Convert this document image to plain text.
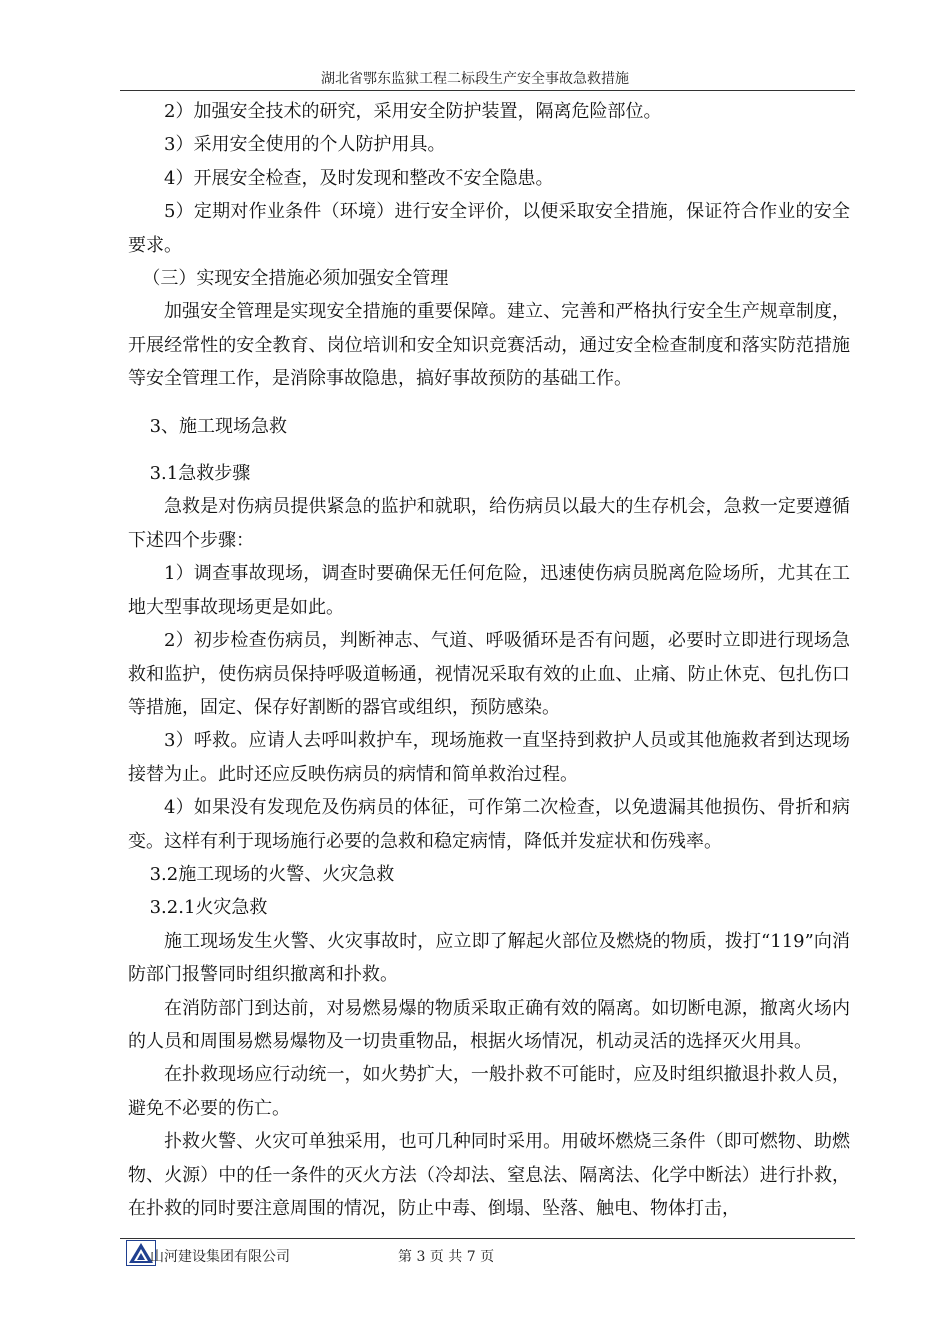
湖北省鄂东监狱工程二标段生产安全事故急救措施

2）加强安全技术的研究，采用安全防护装置，隔离危险部位。

3）采用安全使用的个人防护用具。

4）开展安全检查，及时发现和整改不安全隐患。

5）定期对作业条件（环境）进行安全评价，以便采取安全措施，保证符合作业的安全要求。

（三）实现安全措施必须加强安全管理

加强安全管理是实现安全措施的重要保障。建立、完善和严格执行安全生产规章制度，开展经常性的安全教育、岗位培训和安全知识竞赛活动，通过安全检查制度和落实防范措施等安全管理工作，是消除事故隐患，搞好事故预防的基础工作。

3、施工现场急救

3.1急救步骤

急救是对伤病员提供紧急的监护和就职，给伤病员以最大的生存机会，急救一定要遵循下述四个步骤：

1）调查事故现场，调查时要确保无任何危险，迅速使伤病员脱离危险场所，尤其在工地大型事故现场更是如此。

2）初步检查伤病员，判断神志、气道、呼吸循环是否有问题，必要时立即进行现场急救和监护，使伤病员保持呼吸道畅通，视情况采取有效的止血、止痛、防止休克、包扎伤口等措施，固定、保存好割断的器官或组织，预防感染。

3）呼救。应请人去呼叫救护车，现场施救一直坚持到救护人员或其他施救者到达现场接替为止。此时还应反映伤病员的病情和简单救治过程。

4）如果没有发现危及伤病员的体征，可作第二次检查，以免遗漏其他损伤、骨折和病变。这样有利于现场施行必要的急救和稳定病情，降低并发症状和伤残率。

3.2施工现场的火警、火灾急救

3.2.1火灾急救

施工现场发生火警、火灾事故时，应立即了解起火部位及燃烧的物质，拨打“119”向消防部门报警同时组织撤离和扑救。

在消防部门到达前，对易燃易爆的物质采取正确有效的隔离。如切断电源，撤离火场内的人员和周围易燃易爆物及一切贵重物品，根据火场情况，机动灵活的选择灭火用具。

在扑救现场应行动统一，如火势扩大，一般扑救不可能时，应及时组织撤退扑救人员，避免不必要的伤亡。

扑救火警、火灾可单独采用，也可几种同时采用。用破坏燃烧三条件（即可燃物、助燃物、火源）中的任一条件的灭火方法（冷却法、窒息法、隔离法、化学中断法）进行扑救，在扑救的同时要注意周围的情况，防止中毒、倒塌、坠落、触电、物体打击，

山河建设集团有限公司	第 3 页 共 7 页
